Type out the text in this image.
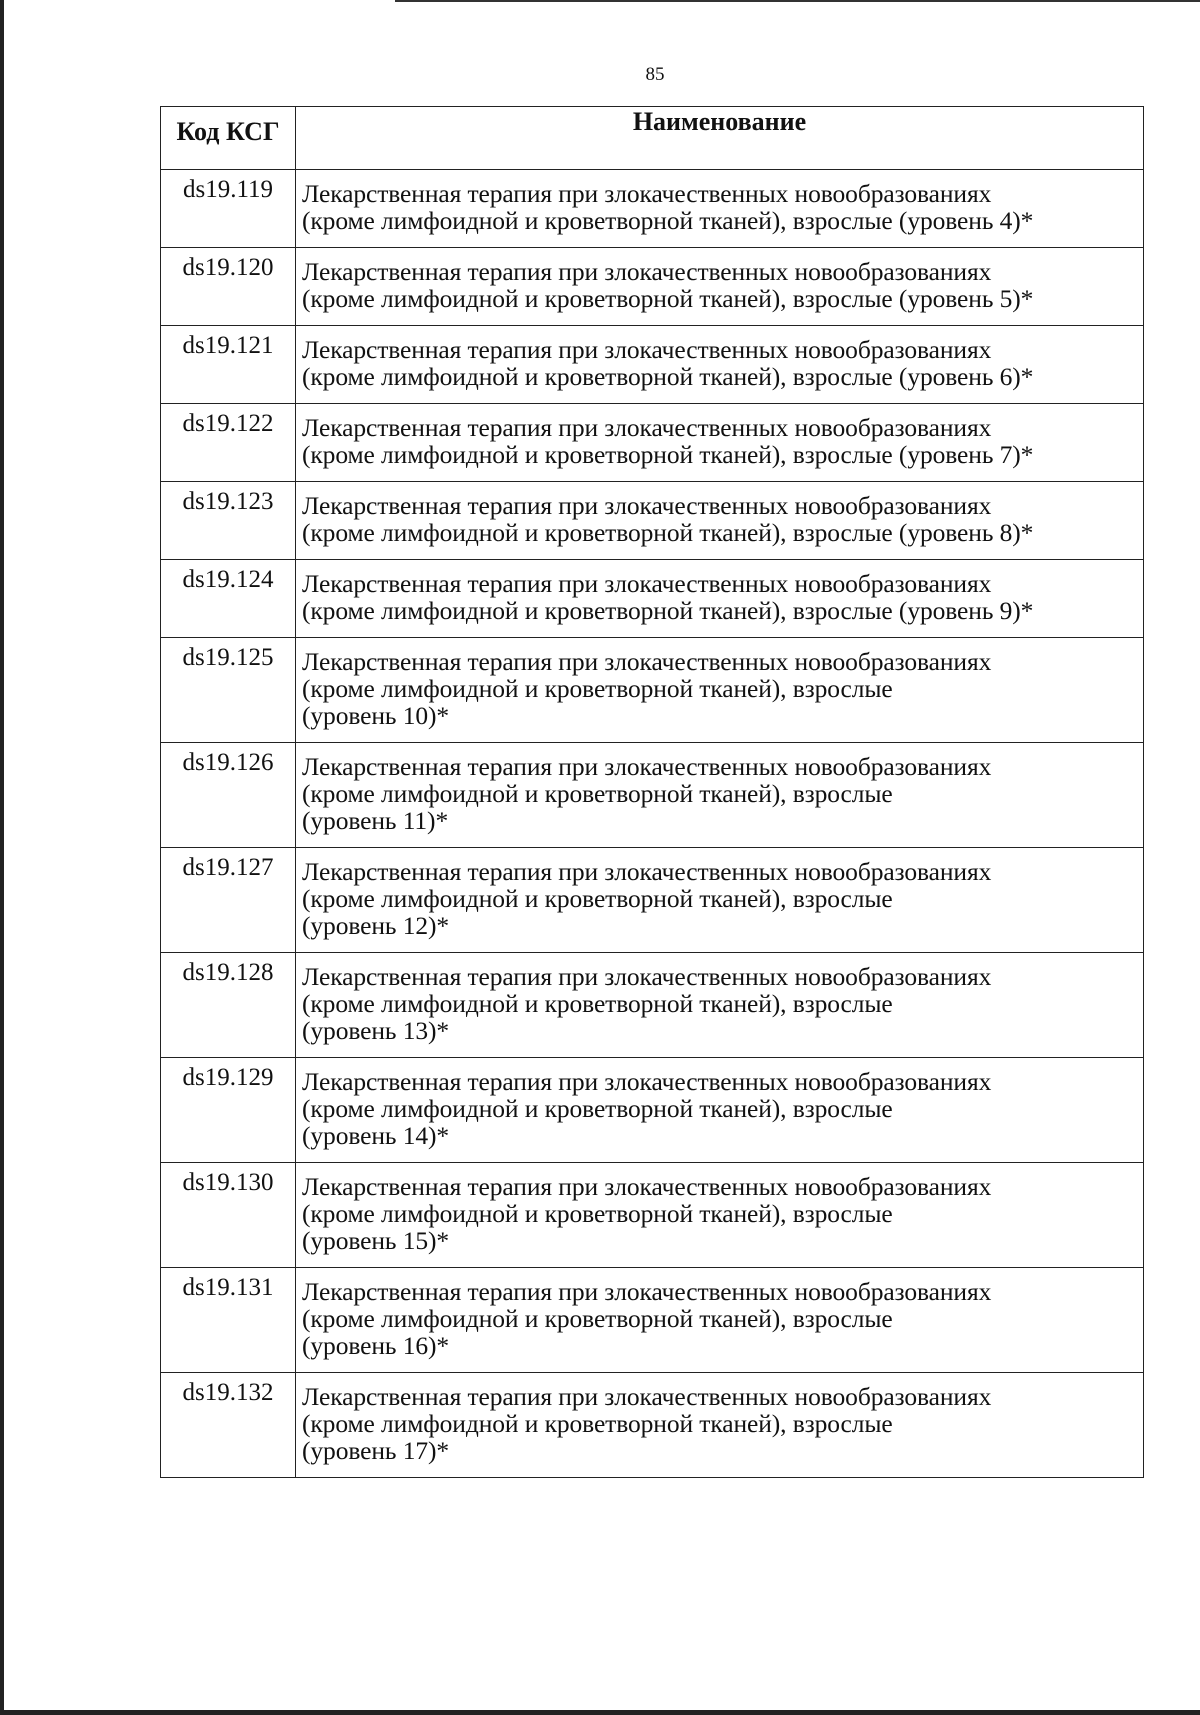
85
Код КСГ	Наименование
ds19.119	Лекарственная терапия при злокачественных новообразованиях
(кроме лимфоидной и кроветворной тканей), взрослые (уровень 4)*
ds19.120	Лекарственная терапия при злокачественных новообразованиях
(кроме лимфоидной и кроветворной тканей), взрослые (уровень 5)*
ds19.121	Лекарственная терапия при злокачественных новообразованиях
(кроме лимфоидной и кроветворной тканей), взрослые (уровень 6)*
ds19.122	Лекарственная терапия при злокачественных новообразованиях
(кроме лимфоидной и кроветворной тканей), взрослые (уровень 7)*
ds19.123	Лекарственная терапия при злокачественных новообразованиях
(кроме лимфоидной и кроветворной тканей), взрослые (уровень 8)*
ds19.124	Лекарственная терапия при злокачественных новообразованиях
(кроме лимфоидной и кроветворной тканей), взрослые (уровень 9)*
ds19.125	Лекарственная терапия при злокачественных новообразованиях
(кроме лимфоидной и кроветворной тканей), взрослые
(уровень 10)*
ds19.126	Лекарственная терапия при злокачественных новообразованиях
(кроме лимфоидной и кроветворной тканей), взрослые
(уровень 11)*
ds19.127	Лекарственная терапия при злокачественных новообразованиях
(кроме лимфоидной и кроветворной тканей), взрослые
(уровень 12)*
ds19.128	Лекарственная терапия при злокачественных новообразованиях
(кроме лимфоидной и кроветворной тканей), взрослые
(уровень 13)*
ds19.129	Лекарственная терапия при злокачественных новообразованиях
(кроме лимфоидной и кроветворной тканей), взрослые
(уровень 14)*
ds19.130	Лекарственная терапия при злокачественных новообразованиях
(кроме лимфоидной и кроветворной тканей), взрослые
(уровень 15)*
ds19.131	Лекарственная терапия при злокачественных новообразованиях
(кроме лимфоидной и кроветворной тканей), взрослые
(уровень 16)*
ds19.132	Лекарственная терапия при злокачественных новообразованиях
(кроме лимфоидной и кроветворной тканей), взрослые
(уровень 17)*
